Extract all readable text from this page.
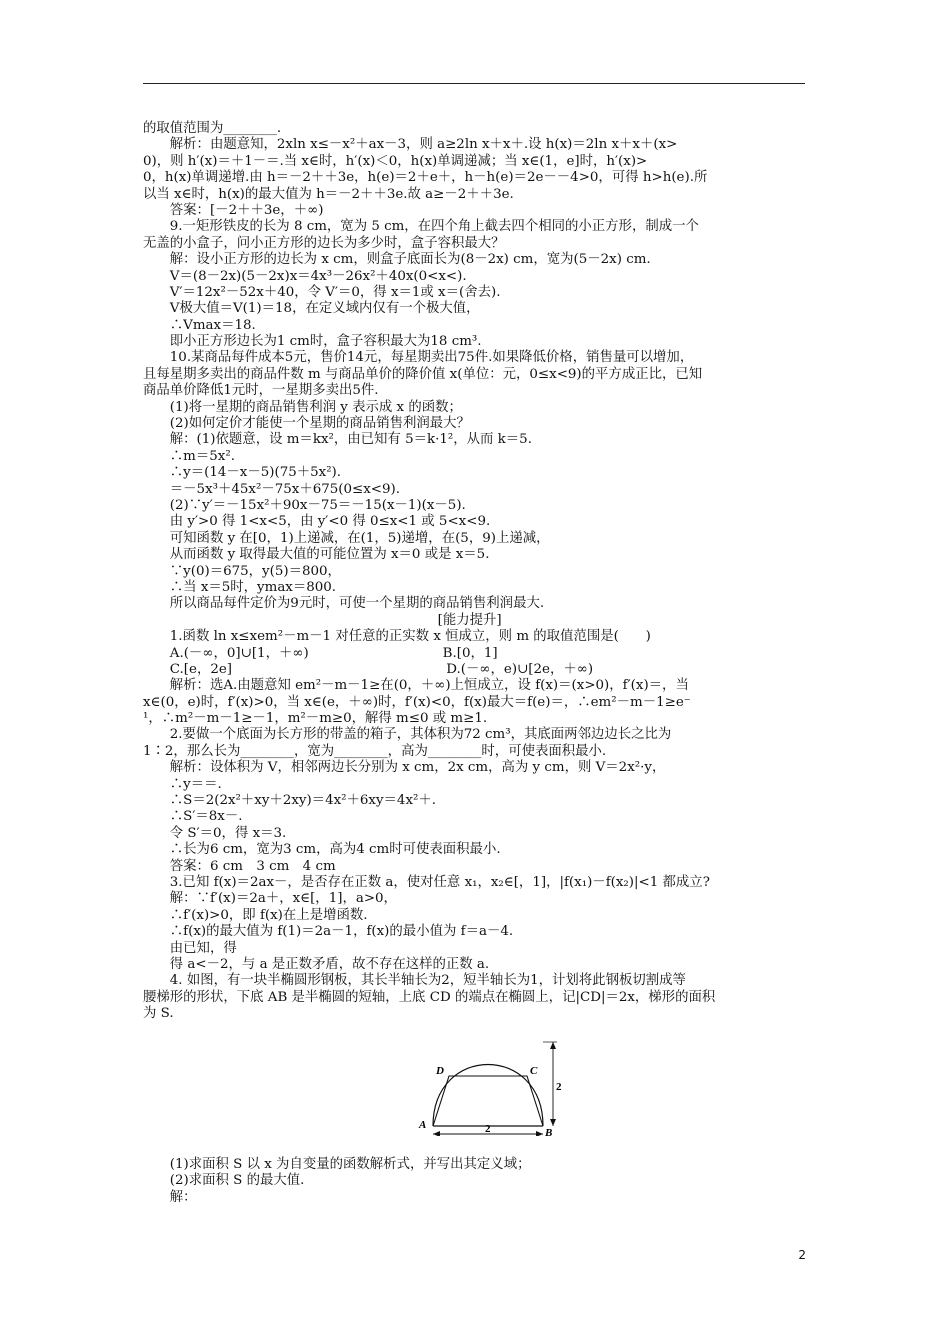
的取值范围为________.
　　解析：由题意知，2xln x≤－x²＋ax－3，则 a≥2ln x＋x＋.设 h(x)＝2ln x＋x＋(x>
0)，则 h′(x)＝＋1－＝.当 x∈时，h′(x)＜0，h(x)单调递减；当 x∈(1，e]时，h′(x)>
0，h(x)单调递增.由 h＝－2＋＋3e，h(e)＝2＋e＋，h－h(e)＝2e－－4>0，可得 h>h(e).所
以当 x∈时，h(x)的最大值为 h＝－2＋＋3e.故 a≥－2＋＋3e.
　　答案：[－2＋＋3e，＋∞)
　　9.一矩形铁皮的长为 8 cm，宽为 5 cm，在四个角上截去四个相同的小正方形，制成一个
无盖的小盒子，问小正方形的边长为多少时，盒子容积最大？
　　解：设小正方形的边长为 x cm，则盒子底面长为(8－2x) cm，宽为(5－2x) cm.
　　V＝(8－2x)(5－2x)x＝4x³－26x²＋40x(0<x<).
　　V′＝12x²－52x＋40，令 V′＝0，得 x＝1或 x＝(舍去).
　　V极大值＝V(1)＝18，在定义域内仅有一个极大值，
　　∴Vmax＝18.
　　即小正方形边长为1 cm时，盒子容积最大为18 cm³.
　　10.某商品每件成本5元，售价14元，每星期卖出75件.如果降低价格，销售量可以增加，
且每星期多卖出的商品件数 m 与商品单价的降价值 x(单位：元，0≤x<9)的平方成正比，已知
商品单价降低1元时，一星期多卖出5件.
　　(1)将一星期的商品销售利润 y 表示成 x 的函数；
　　(2)如何定价才能使一个星期的商品销售利润最大？
　　解：(1)依题意，设 m＝kx²，由已知有 5＝k·1²，从而 k＝5.
　　∴m＝5x².
　　∴y＝(14－x－5)(75＋5x²).
　　＝－5x³＋45x²－75x＋675(0≤x<9).
　　(2)∵y′＝－15x²＋90x－75＝－15(x－1)(x－5).
　　由 y′>0 得 1<x<5，由 y′<0 得 0≤x<1 或 5<x<9.
　　可知函数 y 在[0，1)上递减，在(1，5)递增，在(5，9)上递减，
　　从而函数 y 取得最大值的可能位置为 x＝0 或是 x＝5.
　　∵y(0)＝675，y(5)＝800，
　　∴当 x＝5时，ymax＝800.
　　所以商品每件定价为9元时，可使一个星期的商品销售利润最大.
　　　　　　　　　　　　　　　　　　　　　　[能力提升]
　　1.函数 ln x≤xem²－m－1 对任意的正实数 x 恒成立，则 m 的取值范围是(　　)
　　A.(－∞，0]∪[1，＋∞)　　　　　　　　　　B.[0，1]
　　C.[e，2e]　　　　　　　　　　　　　　　　D.(－∞，e)∪[2e，＋∞)
　　解析：选A.由题意知 em²－m－1≥在(0，＋∞)上恒成立，设 f(x)＝(x>0)，f′(x)＝，当
x∈(0，e)时，f′(x)>0，当 x∈(e，＋∞)时，f′(x)<0，f(x)最大＝f(e)＝，∴em²－m－1≥e⁻
¹，∴m²－m－1≥－1，m²－m≥0，解得 m≤0 或 m≥1.
　　2.要做一个底面为长方形的带盖的箱子，其体积为72 cm³，其底面两邻边边长之比为
1∶2，那么长为________，宽为________，高为________时，可使表面积最小.
　　解析：设体积为 V，相邻两边长分别为 x cm，2x cm，高为 y cm，则 V＝2x²·y，
　　∴y＝＝.
　　∴S＝2(2x²＋xy＋2xy)＝4x²＋6xy＝4x²＋.
　　∴S′＝8x－.
　　令 S′＝0，得 x＝3.
　　∴长为6 cm，宽为3 cm，高为4 cm时可使表面积最小.
　　答案：6 cm　3 cm　4 cm
　　3.已知 f(x)＝2ax－，是否存在正数 a，使对任意 x₁，x₂∈[，1]，|f(x₁)－f(x₂)|<1 都成立?
　　解：∵f′(x)＝2a＋，x∈[，1]，a>0，
　　∴f′(x)>0，即 f(x)在上是增函数.
　　∴f(x)的最大值为 f(1)＝2a－1，f(x)的最小值为 f＝a－4.
　　由已知，得
　　得 a<－2，与 a 是正数矛盾，故不存在这样的正数 a.
　　4. 如图，有一块半椭圆形钢板，其长半轴长为2，短半轴长为1，计划将此钢板切割成等
腰梯形的形状，下底 AB 是半椭圆的短轴，上底 CD 的端点在椭圆上，记|CD|＝2x，梯形的面积
为 S.
A
B
C
D
2
2
　　(1)求面积 S 以 x 为自变量的函数解析式，并写出其定义域；
　　(2)求面积 S 的最大值.
　　解：
2
